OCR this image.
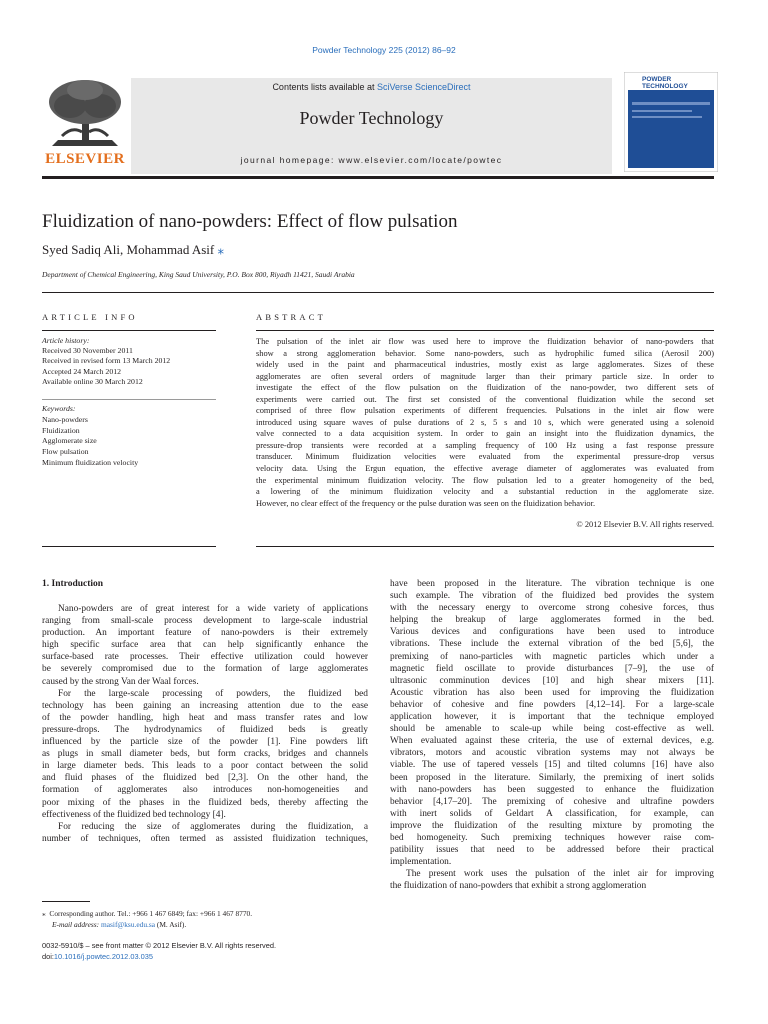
Powder Technology 225 (2012) 86–92
ELSEVIER
Contents lists available at SciVerse ScienceDirect
Powder Technology
journal homepage: www.elsevier.com/locate/powtec
POWDER TECHNOLOGY
Fluidization of nano-powders: Effect of flow pulsation
Syed Sadiq Ali, Mohammad Asif ⁎
Department of Chemical Engineering, King Saud University, P.O. Box 800, Riyadh 11421, Saudi Arabia
ARTICLE INFO
Article history:
Received 30 November 2011
Received in revised form 13 March 2012
Accepted 24 March 2012
Available online 30 March 2012
Keywords:
Nano-powders
Fluidization
Agglomerate size
Flow pulsation
Minimum fluidization velocity
ABSTRACT
The pulsation of the inlet air flow was used here to improve the fluidization behavior of nano-powders that
show a strong agglomeration behavior. Some nano-powders, such as hydrophilic fumed silica (Aerosil 200)
widely used in the paint and pharmaceutical industries, mostly exist as large agglomerates. Sizes of these
agglomerates are often several orders of magnitude larger than their primary particle size. In order to
investigate the effect of the flow pulsation on the fluidization of the nano-powder, two different sets of
experiments were carried out. The first set consisted of the conventional fluidization while the second set
comprised of three flow pulsation experiments of different frequencies. Pulsations in the inlet air flow were
introduced using square waves of pulse durations of 2 s, 5 s and 10 s, which were generated using a solenoid
valve connected to a data acquisition system. In order to gain an insight into the fluidization dynamics, the
pressure-drop transients were recorded at a sampling frequency of 100 Hz using a fast response pressure
transducer. Minimum fluidization velocities were evaluated from the experimental pressure-drop versus
velocity data. Using the Ergun equation, the effective average diameter of agglomerates was evaluated from
the experimental minimum fluidization velocity. The flow pulsation led to a greater homogeneity of the bed,
a lowering of the minimum fluidization velocity and a substantial reduction in the agglomerate size.
However, no clear effect of the frequency or the pulse duration was seen on the fluidization behavior.
© 2012 Elsevier B.V. All rights reserved.
1. Introduction
Nano-powders are of great interest for a wide variety of applications
ranging from small-scale process development to large-scale industrial
production. An important feature of nano-powders is their extremely
high specific surface area that can help significantly enhance the
surface-based rate processes. Their effective utilization could however
be severely compromised due to the formation of large agglomerates
caused by the strong Van der Waal forces.
For the large-scale processing of powders, the fluidized bed
technology has been gaining an increasing attention due to the ease
of the powder handling, high heat and mass transfer rates and low
pressure-drops. The hydrodynamics of fluidized beds is greatly
influenced by the particle size of the powder [1]. Fine powders lift
as plugs in small diameter beds, but form cracks, bridges and channels
in large diameter beds. This leads to a poor contact between the solid
and fluid phases of the fluidized bed [2,3]. On the other hand, the
formation of agglomerates also introduces non-homogeneities and
poor mixing of the phases in the fluidized beds, thereby affecting the
effectiveness of the fluidized bed technology [4].
For reducing the size of agglomerates during the fluidization, a
number of techniques, often termed as assisted fluidization techniques,
have been proposed in the literature. The vibration technique is one
such example. The vibration of the fluidized bed provides the system
with the necessary energy to overcome strong cohesive forces, thus
helping the breakup of large agglomerates formed in the bed.
Various devices and configurations have been used to introduce
vibrations. These include the external vibration of the bed [5,6], the
premixing of nano-particles with magnetic particles which under a
magnetic field oscillate to provide disturbances [7–9], the use of
ultrasonic comminution devices [10] and high shear mixers [11].
Acoustic vibration has also been used for improving the fluidization
behavior of cohesive and fine powders [4,12–14]. For a large-scale
application however, it is important that the technique employed
should be amenable to scale-up while being cost-effective as well.
When evaluated against these criteria, the use of external devices, e.g.
vibrators, motors and acoustic vibration systems may not always be
viable. The use of tapered vessels [15] and tilted columns [16] have also
been proposed in the literature. Similarly, the premixing of inert solids
with nano-powders has been suggested to enhance the fluidization
behavior [4,17–20]. The premixing of cohesive and ultrafine powders
with inert solids of Geldart A classification, for example, can
improve the fluidization of the resulting mixture by promoting the
bed homogeneity. Such premixing techniques however raise com-
patibility issues that need to be addressed before their practical
implementation.
The present work uses the pulsation of the inlet air for improving
the fluidization of nano-powders that exhibit a strong agglomeration
⁎ Corresponding author. Tel.: +966 1 467 6849; fax: +966 1 467 8770.
E-mail address: masif@ksu.edu.sa (M. Asif).
0032-5910/$ – see front matter © 2012 Elsevier B.V. All rights reserved.
doi:10.1016/j.powtec.2012.03.035
